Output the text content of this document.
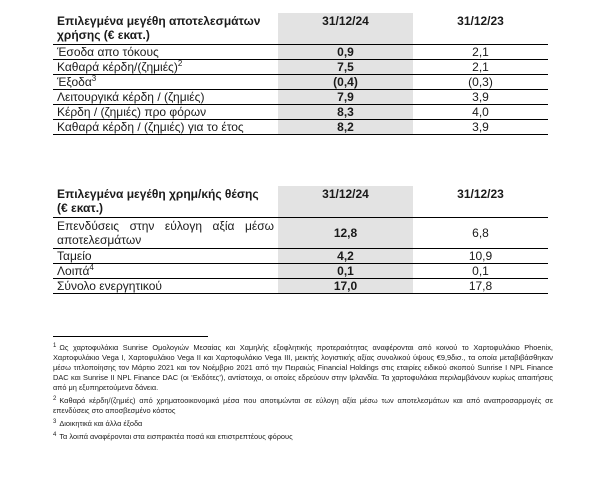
Επιλεγμένα μεγέθη αποτελεσμάτων χρήσης (€ εκατ.)	31/12/24	31/12/23
Έσοδα απο τόκους	0,9	2,1
Καθαρά κέρδη/$(\zeta\eta\mu\iota έ\varsigma)^2$	7,5	2,1
Έξοδα$^3$	(0,4)	(0,3)
Λειτουργικά κέρδη / (ζημιές)	7,9	3,9
Κέρδη / (ζημιές) προ φόρων	8,3	4,0
Καθαρά κέρδη / (ζημιές) για το έτος	8,2	3,9
Επιλεγμένα μεγέθη χρημ/κής θέσης
(€ εκατ.)	31/12/24	31/12/23

Επενδύσεις στην εύλογη αξία μέσω
αποτελεσμάτων	12,8	6,8
Ταμείο	4,2	10,9
Λοιπά$^4$	0,1	0,1
Σύνολο ενεργητικού	17,0	17,8

$^1$ Ως χαρτοφυλάκια Sunrise Ομολογιών Μεσαίας και Χαμηλής εξοφλητικής προτεραιότητας αναφέρονται από κοινού το Χαρτοφυλάκιο Phoenix, Χαρτοφυλάκιο Vega I, Χαρτοφυλάκιο Vega II και Χαρτοφυλάκιο Vega III, μεικτής λογιστικής αξίας συνολικού ύψους €9,9δισ., τα οποία μεταβιβάσθηκαν μέσω τιτλοποίησης τον Μάρτιο 2021 και τον Νοέμβριο 2021 από την Πειραιώς Financial Holdings στις εταιρίες ειδικού σκοπού Sunrise I NPL Finance DAC και Sunrise II NPL Finance DAC (οι ‘Εκδότες’), αντίστοιχα, οι οποίες εδρεύουν στην Ιρλανδία. Τα χαρτοφυλάκια περιλαμβάνουν κυρίως απαιτήσεις από μη εξυπηρετούμενα δάνεια.

$^2$ Καθαρά κέρδη/(ζημιές) από χρηματοοικονομικά μέσα που αποτιμώνται σε εύλογη αξία μέσω των αποτελεσμάτων και από αναπροσαρμογές σε επενδύσεις στο αποσβεσμένο κόστος

$^3$ Διοικητικά και άλλα έξοδα

$^4$ Τα λοιπά αναφέρονται στα εισπρακτέα ποσά και επιστρεπτέους φόρους
